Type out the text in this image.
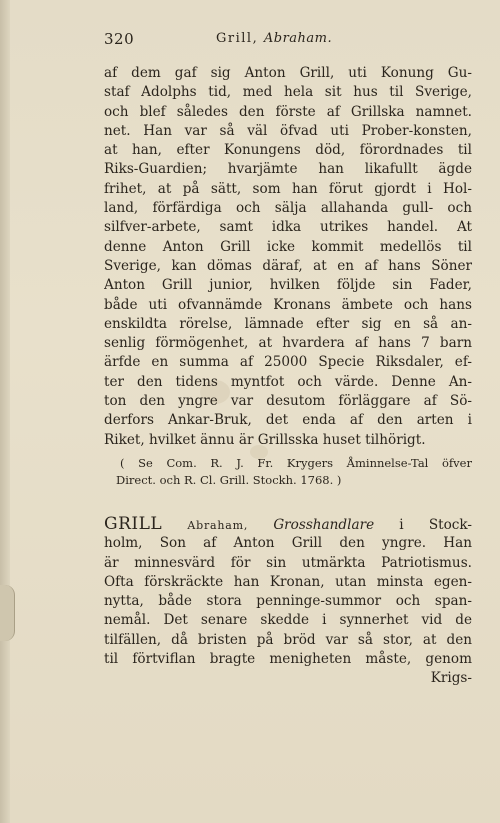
320	Grill, Abraham.
af dem gaf sig Anton Grill, uti Konung Gu-
staf Adolphs tid, med hela sit hus til Sverige,
och blef således den förste af Grillska namnet.
net. Han var så väl öfvad uti Prober-konsten,
at han, efter Konungens död, förordnades til
Riks-Guardien; hvarjämte han likafullt ägde
frihet, at på sätt, som han förut gjordt i Hol-
land, förfärdiga och sälja allahanda gull- och
silfver-arbete, samt idka utrikes handel. At
denne Anton Grill icke kommit medellös til
Sverige, kan dömas däraf, at en af hans Söner
Anton Grill junior, hvilken följde sin Fader,
både uti ofvannämde Kronans ämbete och hans
enskildta rörelse, lämnade efter sig en så an-
senlig förmögenhet, at hvardera af hans 7 barn
ärfde en summa af 25000 Specie Riksdaler, ef-
ter den tidens myntfot och värde. Denne An-
ton den yngre var desutom förläggare af Sö-
derfors Ankar-Bruk, det enda af den arten i
Riket, hvilket ännu är Grillsska huset tilhörigt.
( Se Com. R. J. Fr. Krygers Åminnelse-Tal öfver
Direct. och R. Cl. Grill. Stockh. 1768. )
GRILL Abraham, Grosshandlare i Stock-
holm, Son af Anton Grill den yngre. Han
är minnesvärd för sin utmärkta Patriotismus.
Ofta förskräckte han Kronan, utan minsta egen-
nytta, både stora penninge-summor och span-
nemål. Det senare skedde i synnerhet vid de
tilfällen, då bristen på bröd var så stor, at den
til förtviflan bragte menigheten måste, genom
Krigs-
